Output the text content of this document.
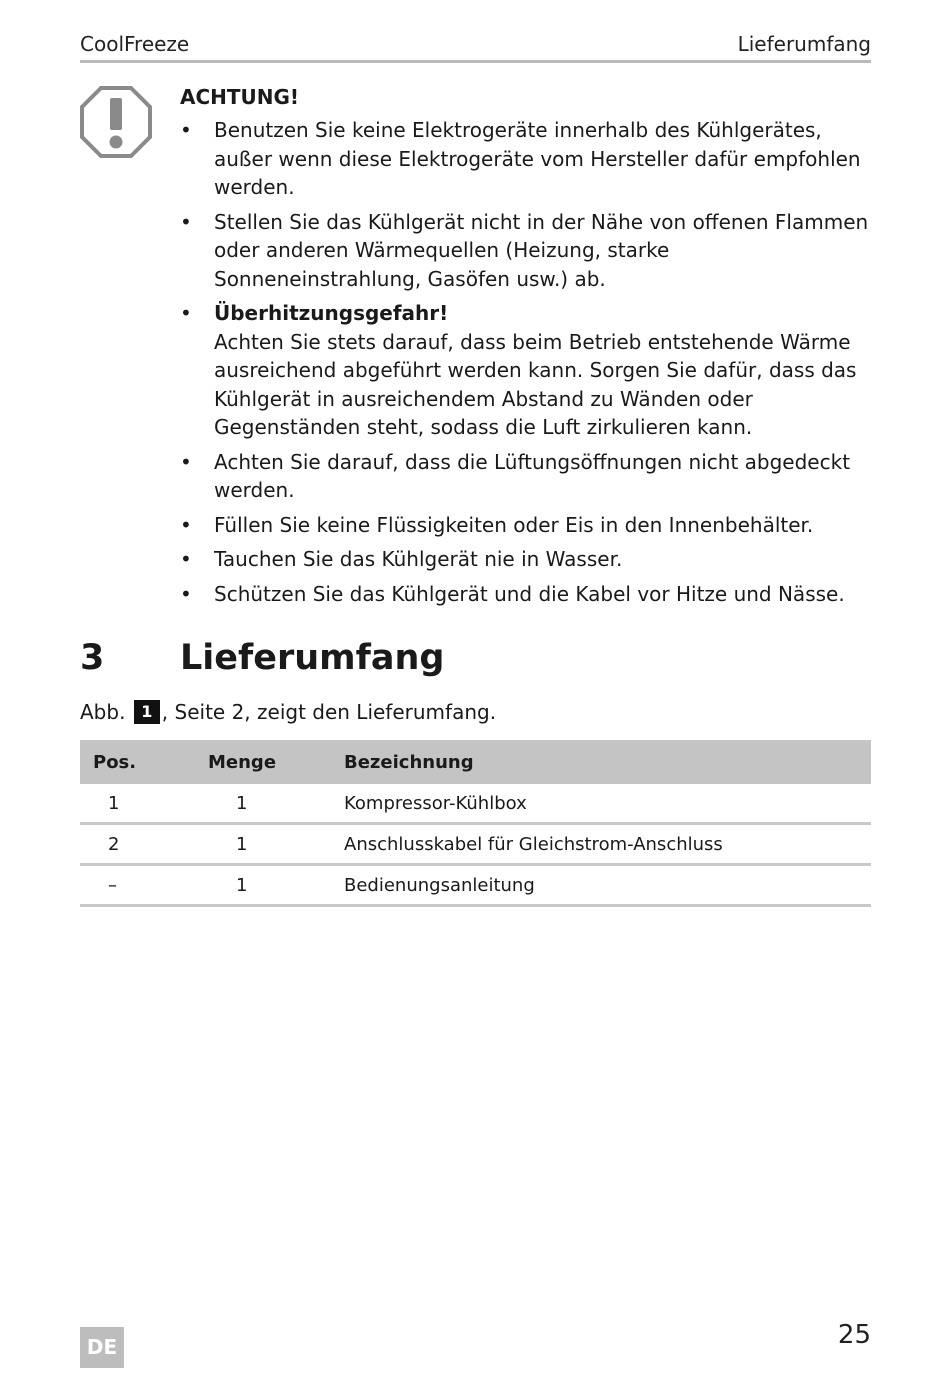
CoolFreeze	Lieferumfang
ACHTUNG!
• Benutzen Sie keine Elektrogeräte innerhalb des Kühlgerätes, außer wenn diese Elektrogeräte vom Hersteller dafür empfohlen werden.
• Stellen Sie das Kühlgerät nicht in der Nähe von offenen Flammen oder anderen Wärmequellen (Heizung, starke Sonneneinstrahlung, Gasöfen usw.) ab.
• Überhitzungsgefahr!
Achten Sie stets darauf, dass beim Betrieb entstehende Wärme ausreichend abgeführt werden kann. Sorgen Sie dafür, dass das Kühlgerät in ausreichendem Abstand zu Wänden oder Gegenständen steht, sodass die Luft zirkulieren kann.
• Achten Sie darauf, dass die Lüftungsöffnungen nicht abgedeckt werden.
• Füllen Sie keine Flüssigkeiten oder Eis in den Innenbehälter.
• Tauchen Sie das Kühlgerät nie in Wasser.
• Schützen Sie das Kühlgerät und die Kabel vor Hitze und Nässe.
3 Lieferumfang
Abb. 1 , Seite 2, zeigt den Lieferumfang.
Pos.	Menge	Bezeichnung
1	1	Kompressor-Kühlbox
2	1	Anschlusskabel für Gleichstrom-Anschluss
–	1	Bedienungsanleitung
DE	25
